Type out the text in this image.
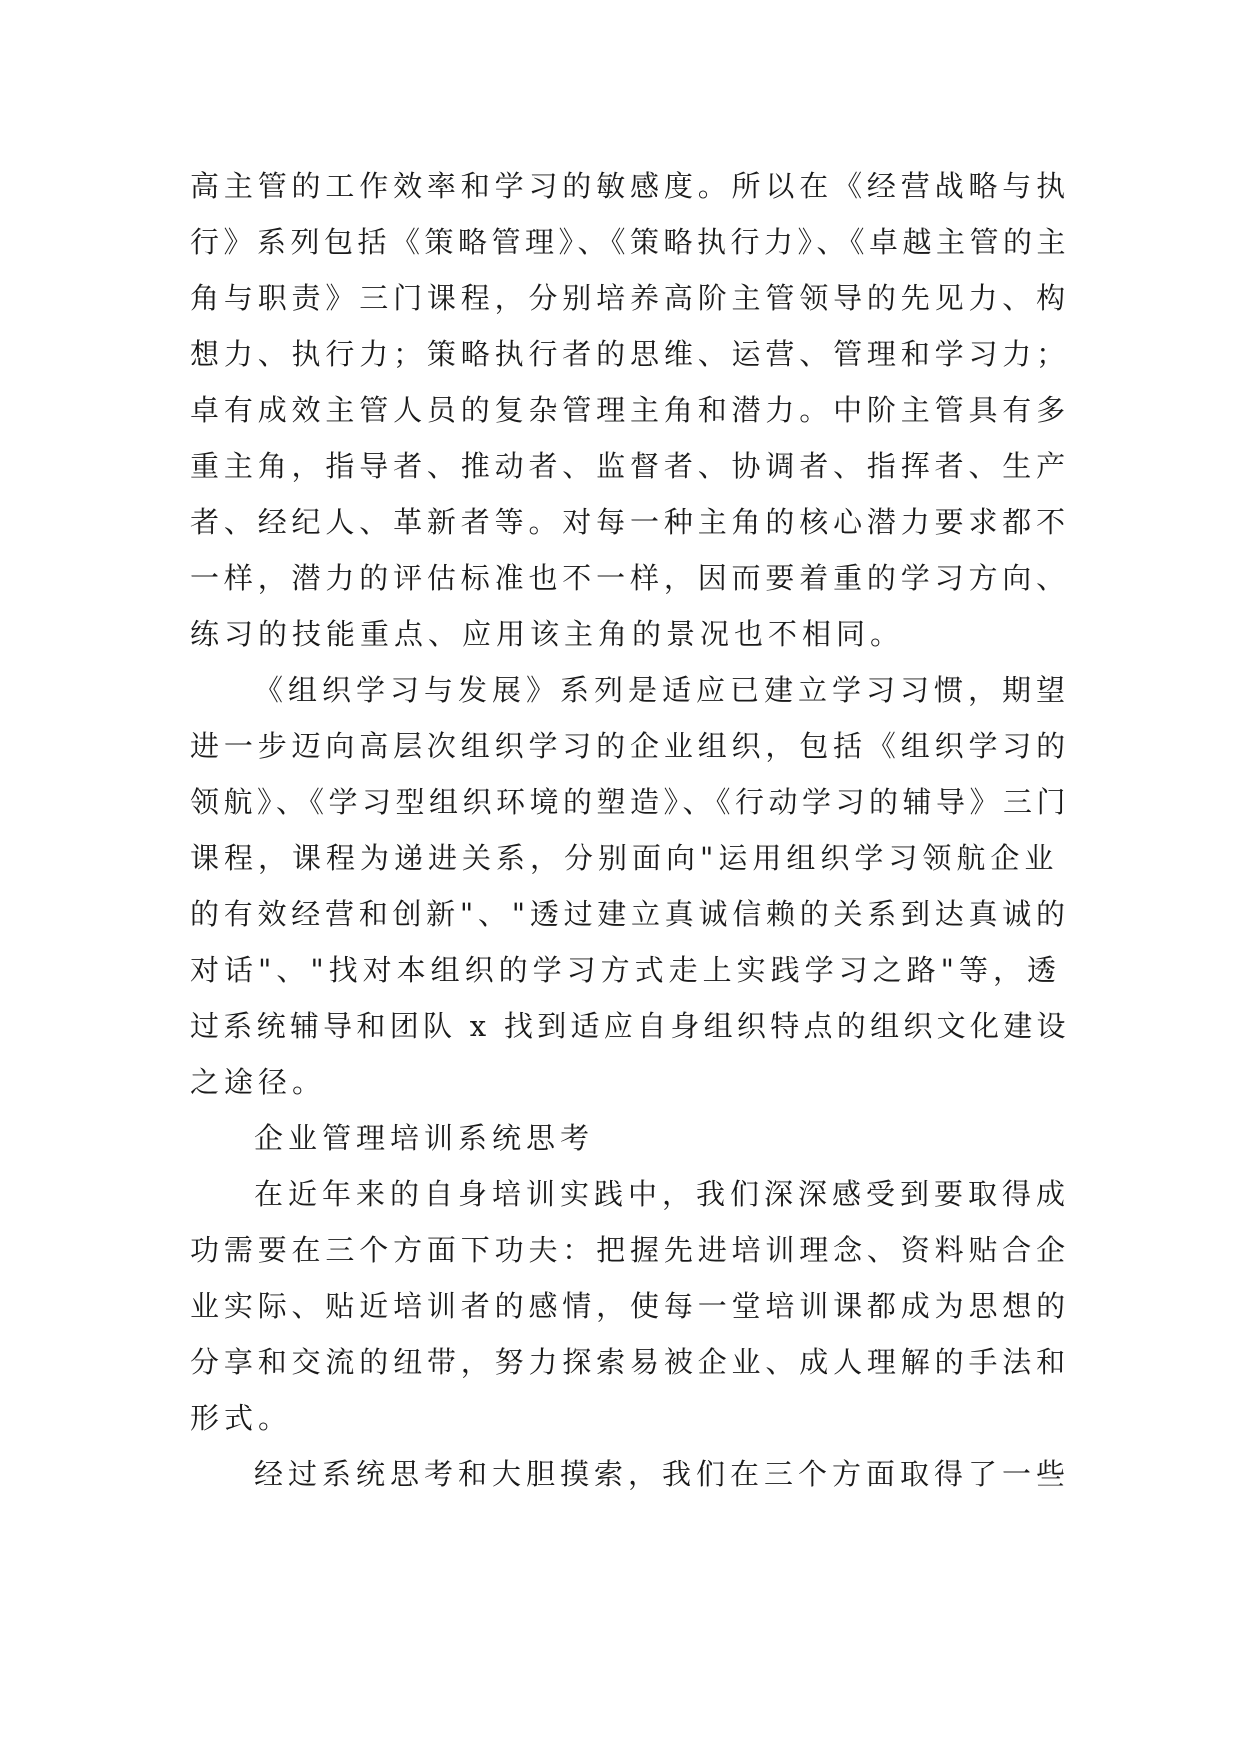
高主管的工作效率和学习的敏感度。所以在《经营战略与执
行》系列包括《策略管理》、《策略执行力》、《卓越主管的主
角与职责》三门课程，分别培养高阶主管领导的先见力、构
想力、执行力；策略执行者的思维、运营、管理和学习力；
卓有成效主管人员的复杂管理主角和潜力。中阶主管具有多
重主角，指导者、推动者、监督者、协调者、指挥者、生产
者、经纪人、革新者等。对每一种主角的核心潜力要求都不
一样，潜力的评估标准也不一样，因而要着重的学习方向、
练习的技能重点、应用该主角的景况也不相同。
《组织学习与发展》系列是适应已建立学习习惯，期望
进一步迈向高层次组织学习的企业组织，包括《组织学习的
领航》、《学习型组织环境的塑造》、《行动学习的辅导》三门
课程，课程为递进关系，分别面向"运用组织学习领航企业
的有效经营和创新"、"透过建立真诚信赖的关系到达真诚的
对话"、"找对本组织的学习方式走上实践学习之路"等，透
过系统辅导和团队 x 找到适应自身组织特点的组织文化建设
之途径。
企业管理培训系统思考
在近年来的自身培训实践中，我们深深感受到要取得成
功需要在三个方面下功夫：把握先进培训理念、资料贴合企
业实际、贴近培训者的感情，使每一堂培训课都成为思想的
分享和交流的纽带，努力探索易被企业、成人理解的手法和
形式。
经过系统思考和大胆摸索，我们在三个方面取得了一些
